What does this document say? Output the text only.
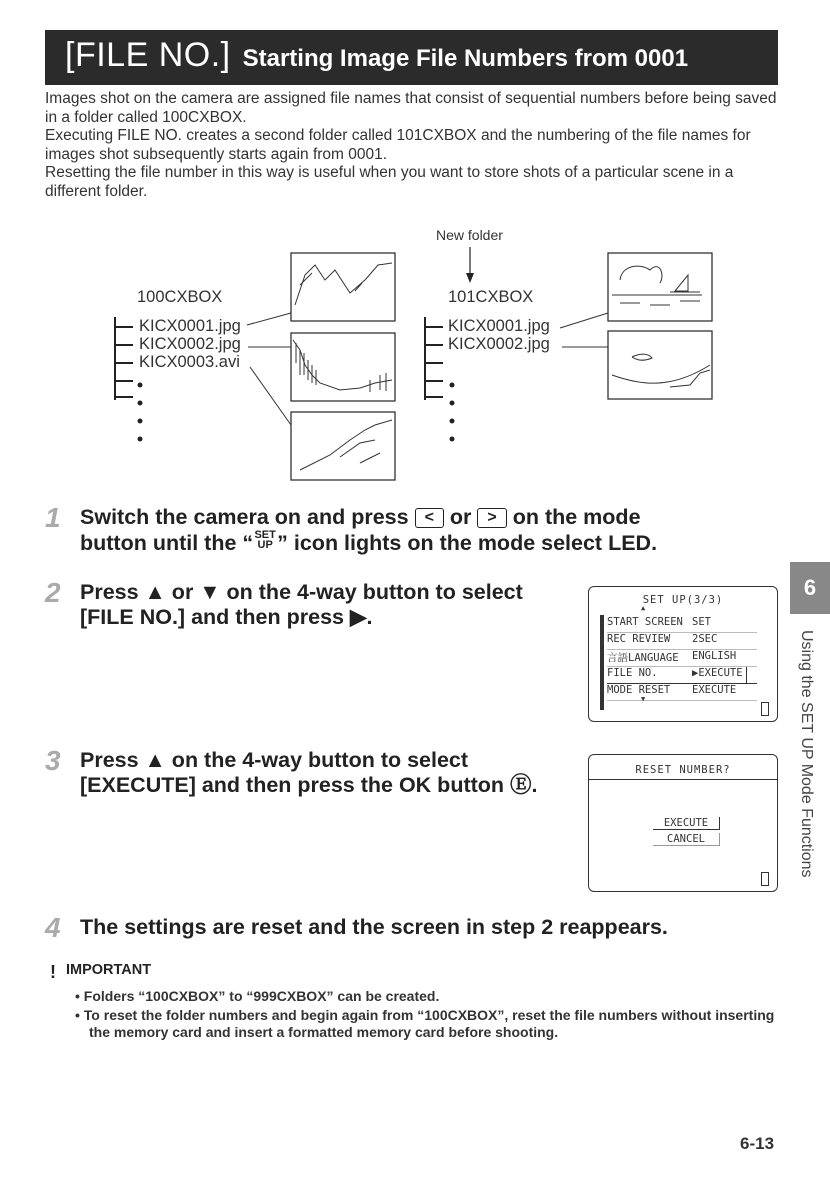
[FILE NO.] Starting Image File Numbers from 0001

Images shot on the camera are assigned file names that consist of sequential numbers before being saved in a folder called 100CXBOX.

Executing FILE NO. creates a second folder called 101CXBOX and the numbering of the file names for images shot subsequently starts again from 0001.

Resetting the file number in this way is useful when you want to store shots of a particular scene in a different folder.

New folder
100CXBOX
KICX0001.jpg
KICX0002.jpg
KICX0003.avi
101CXBOX
KICX0001.jpg
KICX0002.jpg
1 Switch the camera on and press < or > on the mode
button until the “SET UP ” icon lights on the mode select LED.
2 Press ▲ or ▼ on the 4-way button to select
[FILE NO.] and then press ▶.
SET UP(3/3)
▲
START SCREEN SET
REC REVIEW	2SEC
言語LANGUAGE	ENGLISH
FILE NO.	▶EXECUTE
MODE RESET	EXECUTE
▼
3 Press ▲ on the 4-way button to select
[EXECUTE] and then press the OK button Ⓔ.
RESET NUMBER?
EXECUTE
CANCEL
4 The settings are reset and the screen in step 2 reappears.
! IMPORTANT
• Folders “100CXBOX” to “999CXBOX” can be created.
• To reset the folder numbers and begin again from “100CXBOX”, reset the file numbers without inserting the memory card and insert a formatted memory card before shooting.
6
Using the SET UP Mode Functions
6-13
